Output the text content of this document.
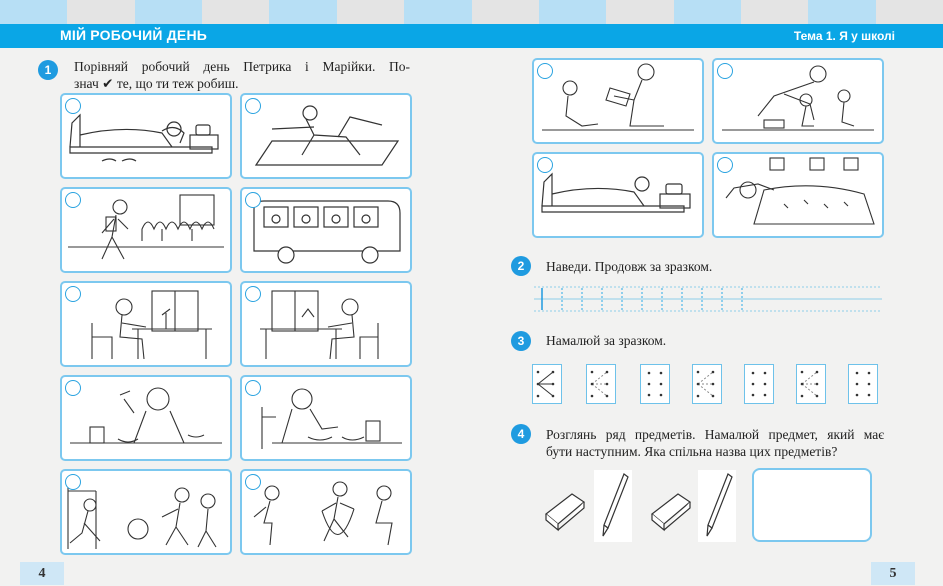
МІЙ РОБОЧИЙ ДЕНЬ	Тема 1. Я у школі
1	Порівняй робочий день Петрика і Марійки. По-
знач ✔ те, що ти теж робиш.
2	Наведи. Продовж за зразком.
3	Намалюй за зразком.
4	Розглянь ряд предметів. Намалюй предмет, який має
бути наступним. Яка спільна назва цих предметів?
4	5
